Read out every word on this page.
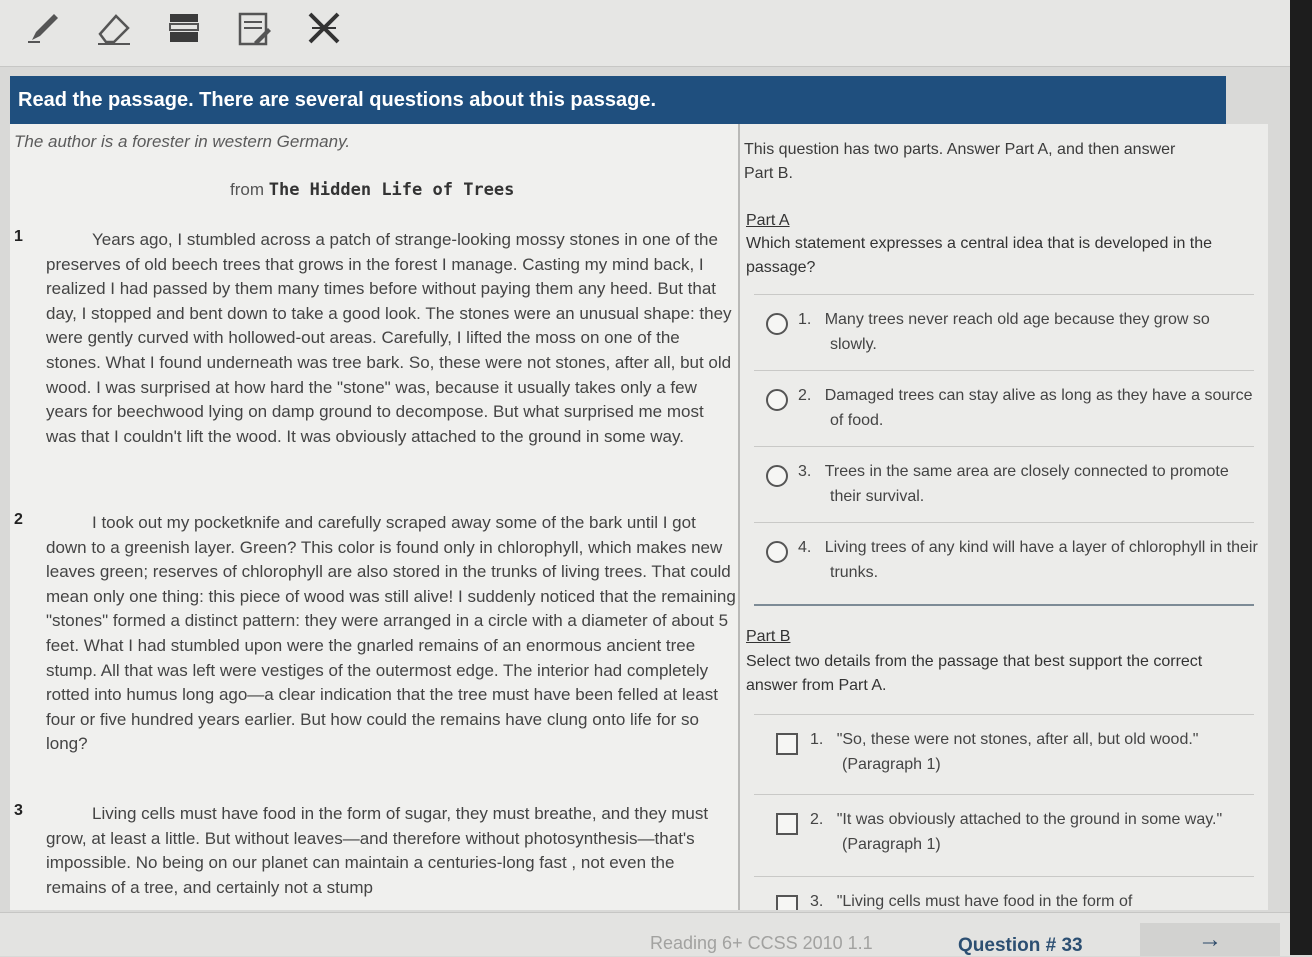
Read the passage. There are several questions about this passage.
The author is a forester in western Germany.
from The Hidden Life of Trees
1	Years ago, I stumbled across a patch of strange-looking mossy stones in one of the preserves of old beech trees that grows in the forest I manage. Casting my mind back, I realized I had passed by them many times before without paying them any heed. But that day, I stopped and bent down to take a good look. The stones were an unusual shape: they were gently curved with hollowed-out areas. Carefully, I lifted the moss on one of the stones. What I found underneath was tree bark. So, these were not stones, after all, but old wood. I was surprised at how hard the "stone" was, because it usually takes only a few years for beechwood lying on damp ground to decompose. But what surprised me most was that I couldn't lift the wood. It was obviously attached to the ground in some way.
2	I took out my pocketknife and carefully scraped away some of the bark until I got down to a greenish layer. Green? This color is found only in chlorophyll, which makes new leaves green; reserves of chlorophyll are also stored in the trunks of living trees. That could mean only one thing: this piece of wood was still alive! I suddenly noticed that the remaining "stones" formed a distinct pattern: they were arranged in a circle with a diameter of about 5 feet. What I had stumbled upon were the gnarled remains of an enormous ancient tree stump. All that was left were vestiges of the outermost edge. The interior had completely rotted into humus long ago—a clear indication that the tree must have been felled at least four or five hundred years earlier. But how could the remains have clung onto life for so long?
3	Living cells must have food in the form of sugar, they must breathe, and they must grow, at least a little. But without leaves—and therefore without photosynthesis—that's impossible. No being on our planet can maintain a centuries-long fast , not even the remains of a tree, and certainly not a stump
This question has two parts. Answer Part A, and then answer Part B.
Part A
Which statement expresses a central idea that is developed in the passage?
1. Many trees never reach old age because they grow so slowly.
2. Damaged trees can stay alive as long as they have a source of food.
3. Trees in the same area are closely connected to promote their survival.
4. Living trees of any kind will have a layer of chlorophyll in their trunks.
Part B
Select two details from the passage that best support the correct answer from Part A.
1. "So, these were not stones, after all, but old wood." (Paragraph 1)
2. "It was obviously attached to the ground in some way." (Paragraph 1)
3. "Living cells must have food in the form of
Reading 6+ CCSS 2010 1.1	Question # 33	→
